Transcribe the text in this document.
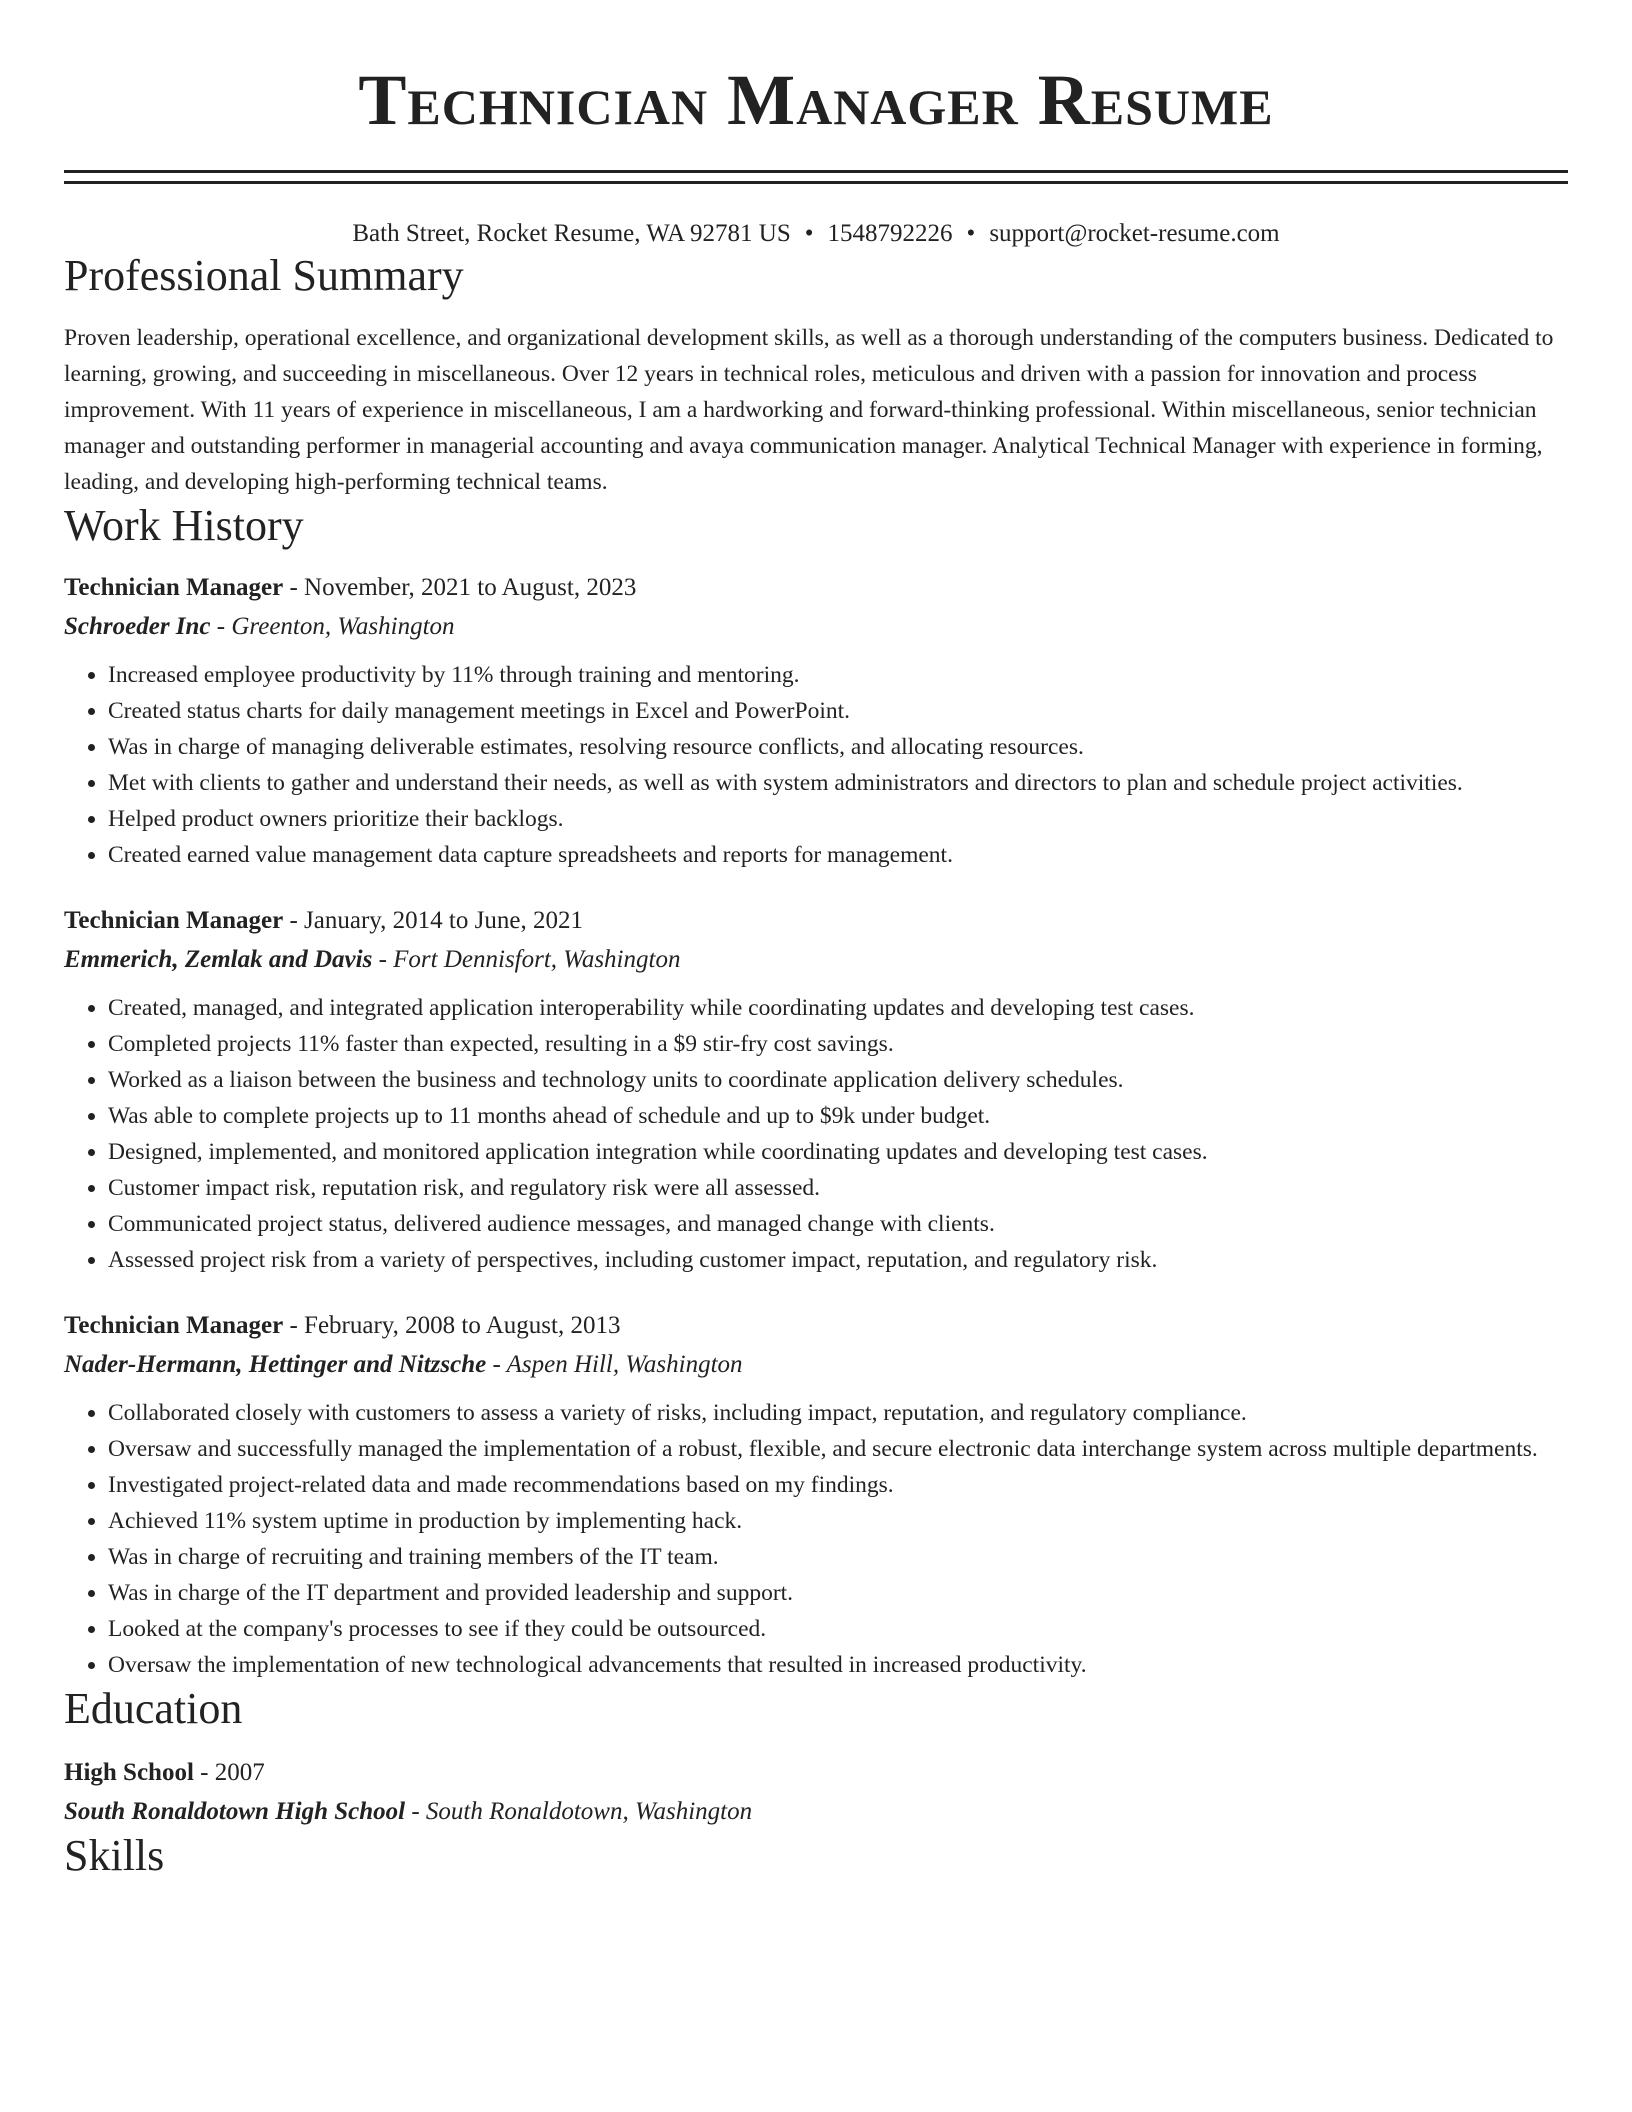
Technician Manager Resume
Bath Street, Rocket Resume, WA 92781 US • 1548792226 • support@rocket-resume.com
Professional Summary

Proven leadership, operational excellence, and organizational development skills, as well as a thorough understanding of the computers business. Dedicated to learning, growing, and succeeding in miscellaneous. Over 12 years in technical roles, meticulous and driven with a passion for innovation and process improvement. With 11 years of experience in miscellaneous, I am a hardworking and forward-thinking professional. Within miscellaneous, senior technician manager and outstanding performer in managerial accounting and avaya communication manager. Analytical Technical Manager with experience in forming, leading, and developing high-performing technical teams.

Work History

Technician Manager - November, 2021 to August, 2023

Schroeder Inc - Greenton, Washington

• Increased employee productivity by 11% through training and mentoring.
• Created status charts for daily management meetings in Excel and PowerPoint.
• Was in charge of managing deliverable estimates, resolving resource conflicts, and allocating resources.
• Met with clients to gather and understand their needs, as well as with system administrators and directors to plan and schedule project activities.
• Helped product owners prioritize their backlogs.
• Created earned value management data capture spreadsheets and reports for management.

Technician Manager - January, 2014 to June, 2021

Emmerich, Zemlak and Davis - Fort Dennisfort, Washington

• Created, managed, and integrated application interoperability while coordinating updates and developing test cases.
• Completed projects 11% faster than expected, resulting in a $9 stir-fry cost savings.
• Worked as a liaison between the business and technology units to coordinate application delivery schedules.
• Was able to complete projects up to 11 months ahead of schedule and up to $9k under budget.
• Designed, implemented, and monitored application integration while coordinating updates and developing test cases.
• Customer impact risk, reputation risk, and regulatory risk were all assessed.
• Communicated project status, delivered audience messages, and managed change with clients.
• Assessed project risk from a variety of perspectives, including customer impact, reputation, and regulatory risk.

Technician Manager - February, 2008 to August, 2013

Nader-Hermann, Hettinger and Nitzsche - Aspen Hill, Washington

• Collaborated closely with customers to assess a variety of risks, including impact, reputation, and regulatory compliance.
• Oversaw and successfully managed the implementation of a robust, flexible, and secure electronic data interchange system across multiple departments.
• Investigated project-related data and made recommendations based on my findings.
• Achieved 11% system uptime in production by implementing hack.
• Was in charge of recruiting and training members of the IT team.
• Was in charge of the IT department and provided leadership and support.
• Looked at the company's processes to see if they could be outsourced.
• Oversaw the implementation of new technological advancements that resulted in increased productivity.
Education

High School - 2007

South Ronaldotown High School - South Ronaldotown, Washington

Skills
